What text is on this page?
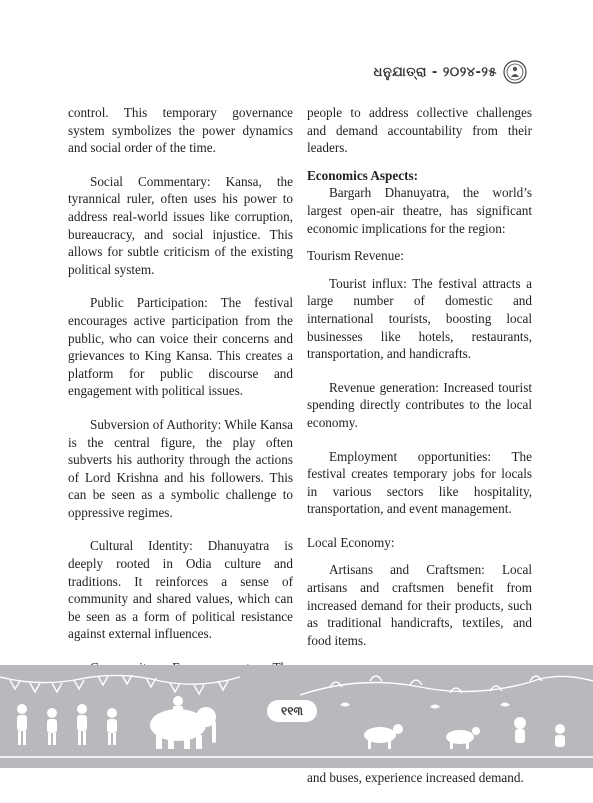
ଧନୁଯାତ୍ରା - ୨୦୨୪-୨୫

control. This temporary governance system symbolizes the power dynamics and social order of the time.

Social Commentary: Kansa, the tyrannical ruler, often uses his power to address real-world issues like corruption, bureaucracy, and social injustice. This allows for subtle criticism of the existing political system.

Public Participation: The festival encourages active participation from the public, who can voice their concerns and grievances to King Kansa. This creates a platform for public discourse and engagement with political issues.

Subversion of Authority: While Kansa is the central figure, the play often subverts his authority through the actions of Lord Krishna and his followers. This can be seen as a symbolic challenge to oppressive regimes.

Cultural Identity: Dhanuyatra is deeply rooted in Odia culture and traditions. It reinforces a sense of community and shared values, which can be seen as a form of political resistance against external influences.

people to address collective challenges and demand accountability from their leaders.

Economics Aspects:

Bargarh Dhanuyatra, the world’s largest open-air theatre, has significant economic implications for the region:

Tourism Revenue:

Tourist influx: The festival attracts a large number of domestic and international tourists, boosting local businesses like hotels, restaurants, transportation, and handicrafts.

Revenue generation: Increased tourist spending directly contributes to the local economy.

Employment opportunities: The festival creates temporary jobs for locals in various sectors like hospitality, transportation, and event management.

Local Economy:

Artisans and Craftsmen: Local artisans and craftsmen benefit from increased demand for their products, such as traditional handicrafts, textiles, and food items.

and buses, experience increased demand.

୧୧୩
